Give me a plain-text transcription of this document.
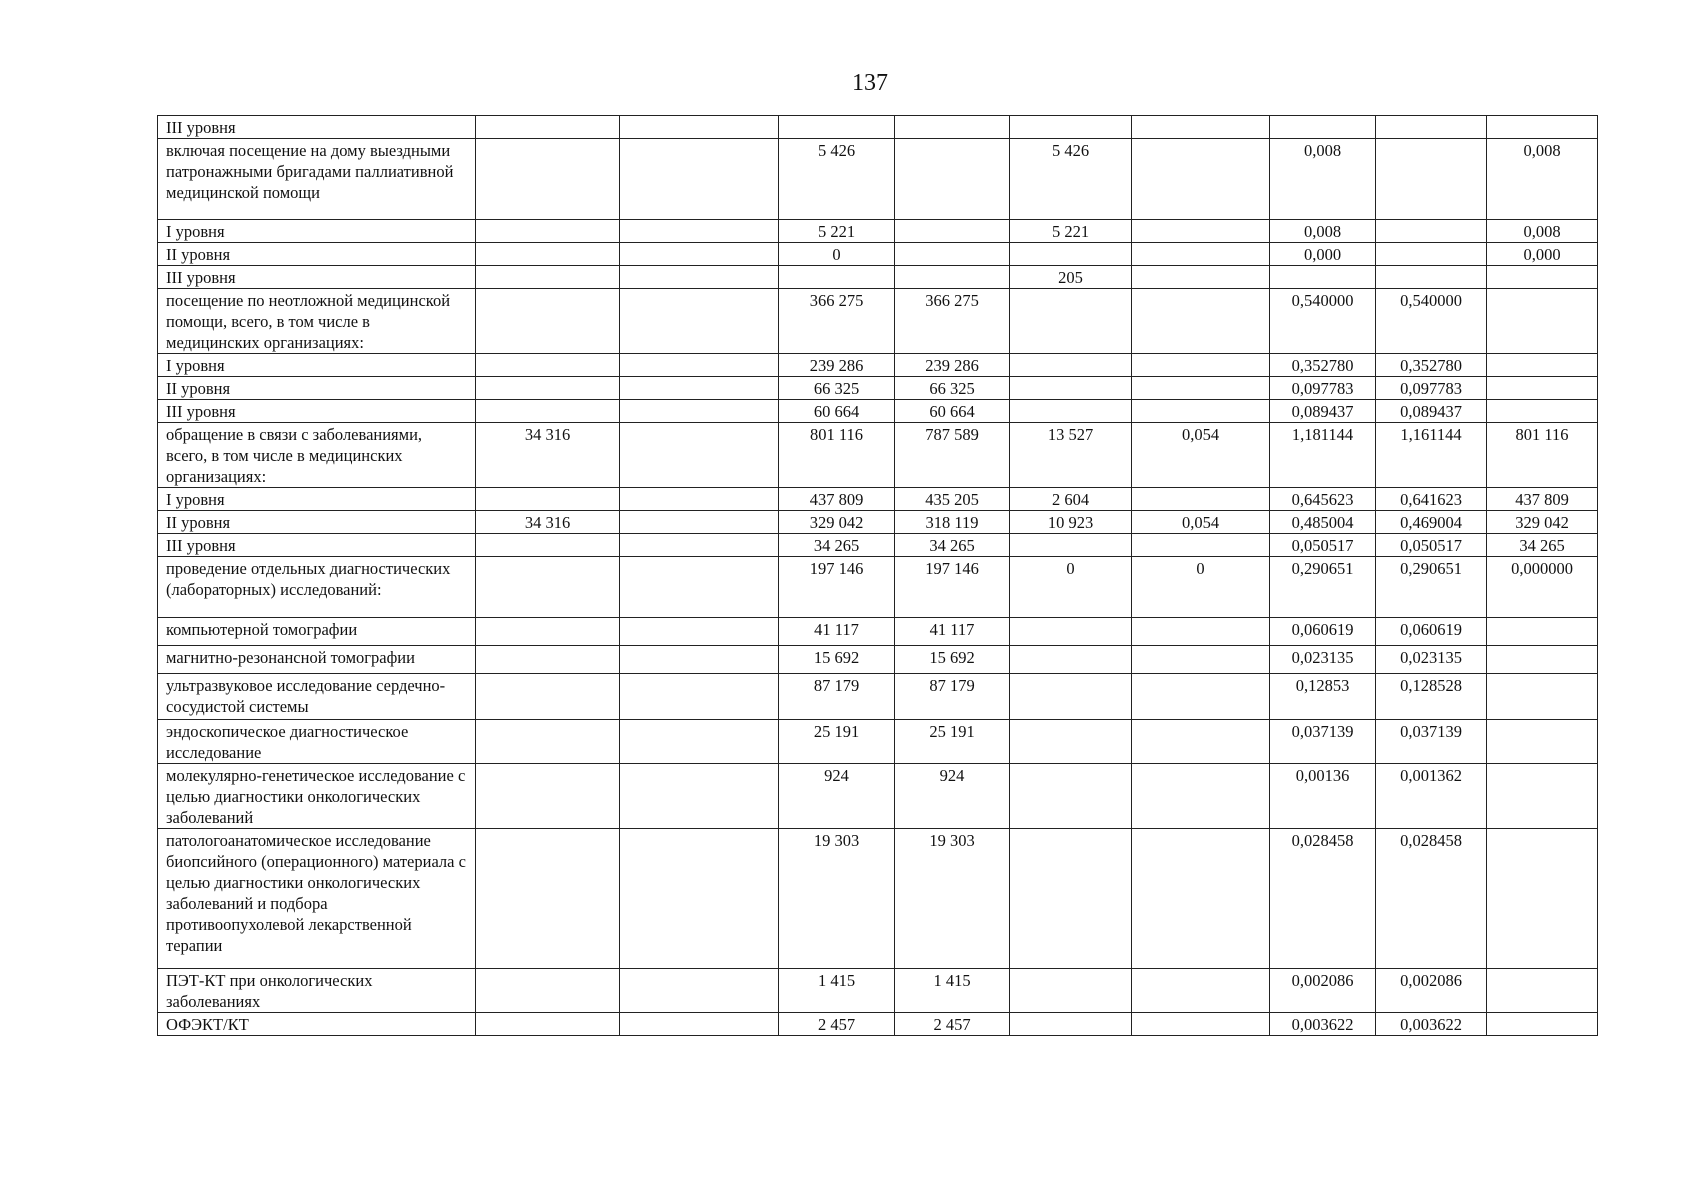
137
III уровня									
включая посещение на дому выездными патронажными бригадами паллиативной медицинской помощи			5 426		5 426		0,008		0,008
I уровня			5 221		5 221		0,008		0,008
II уровня			0				0,000		0,000
III уровня					205				
посещение по неотложной медицинской помощи, всего, в том числе в медицинских организациях:			366 275	366 275			0,540000	0,540000	
I уровня			239 286	239 286			0,352780	0,352780	
II уровня			66 325	66 325			0,097783	0,097783	
III уровня			60 664	60 664			0,089437	0,089437	
обращение в связи с заболеваниями, всего, в том числе в медицинских организациях:	34 316		801 116	787 589	13 527	0,054	1,181144	1,161144	801 116
I уровня			437 809	435 205	2 604		0,645623	0,641623	437 809
II уровня	34 316		329 042	318 119	10 923	0,054	0,485004	0,469004	329 042
III уровня			34 265	34 265			0,050517	0,050517	34 265
проведение отдельных диагностических (лабораторных) исследований:			197 146	197 146	0	0	0,290651	0,290651	0,000000
компьютерной томографии			41 117	41 117			0,060619	0,060619	
магнитно-резонансной томографии			15 692	15 692			0,023135	0,023135	
ультразвуковое исследование сердечно-сосудистой системы			87 179	87 179			0,12853	0,128528	
эндоскопическое диагностическое исследование			25 191	25 191			0,037139	0,037139	
молекулярно-генетическое исследование с целью диагностики онкологических заболеваний			924	924			0,00136	0,001362	
патологоанатомическое исследование биопсийного (операционного) материала с целью диагностики онкологических заболеваний и подбора противоопухолевой лекарственной терапии			19 303	19 303			0,028458	0,028458	
ПЭТ-КТ при онкологических заболеваниях			1 415	1 415			0,002086	0,002086	
ОФЭКТ/КТ			2 457	2 457			0,003622	0,003622	
